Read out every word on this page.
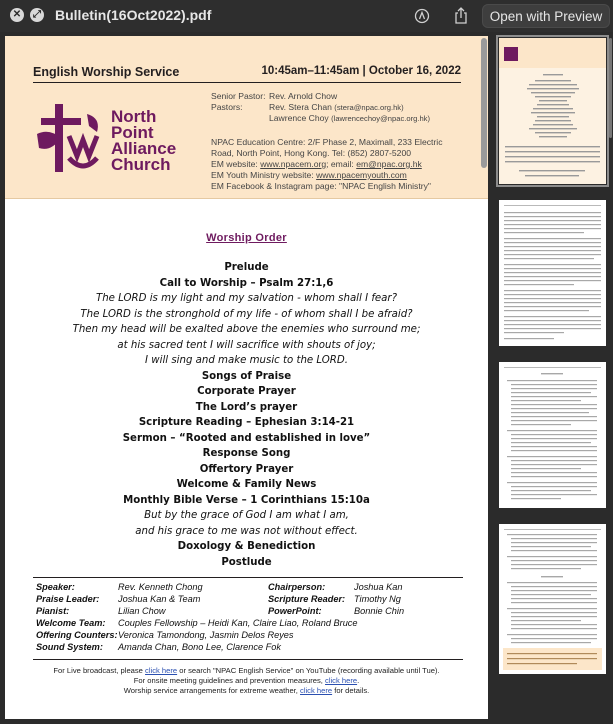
✕	⤢ Bulletin(16Oct2022).pdf	Open with Preview
English Worship Service	10:45am–11:45am | October 16, 2022
North
Point
Alliance
Church
Senior Pastor: Rev. Arnold Chow
Pastors:	Rev. Stera Chan
(stera@npac.org.hk)
Lawrence Choy
(lawrencechoy@npac.org.hk)
NPAC Education Centre: 2/F Phase 2, Maximall, 233 Electric
Road, North Point, Hong Kong. Tel: (852) 2807-5200
EM website: www.npacem.org; email: em@npac.org.hk
EM Youth Ministry website: www.npacemyouth.com
EM Facebook & Instagram page: "NPAC English Ministry"
Worship Order
Prelude
Call to Worship – Psalm 27:1,6
The LORD is my light and my salvation - whom shall I fear?
The LORD is the stronghold of my life - of whom shall I be afraid?
Then my head will be exalted above the enemies who surround me;
at his sacred tent I will sacrifice with shouts of joy;
I will sing and make music to the LORD.
Songs of Praise
Corporate Prayer
The Lord’s prayer
Scripture Reading – Ephesian 3:14-21
Sermon – “Rooted and established in love”
Response Song
Offertory Prayer
Welcome & Family News
Monthly Bible Verse – 1 Corinthians 15:10a
But by the grace of God I am what I am,
and his grace to me was not without effect.
Doxology & Benediction
Postlude
Speaker:	Rev. Kenneth Chong	Chairperson:	Joshua Kan
Praise Leader: Joshua Kan & Team	Scripture Reader: Timothy Ng
Pianist:	Lilian Chow	PowerPoint:	Bonnie Chin
Welcome Team: Couples Fellowship – Heidi Kan, Claire Liao, Roland Bruce
Offering Counters: Veronica Tamondong, Jasmin Delos Reyes
Sound System: Amanda Chan, Bono Lee, Clarence Fok
For Live broadcast, please click here or search "NPAC English Service" on YouTube (recording available until Tue).
For onsite meeting guidelines and prevention measures, click here.
Worship service arrangements for extreme weather, click here for details.
